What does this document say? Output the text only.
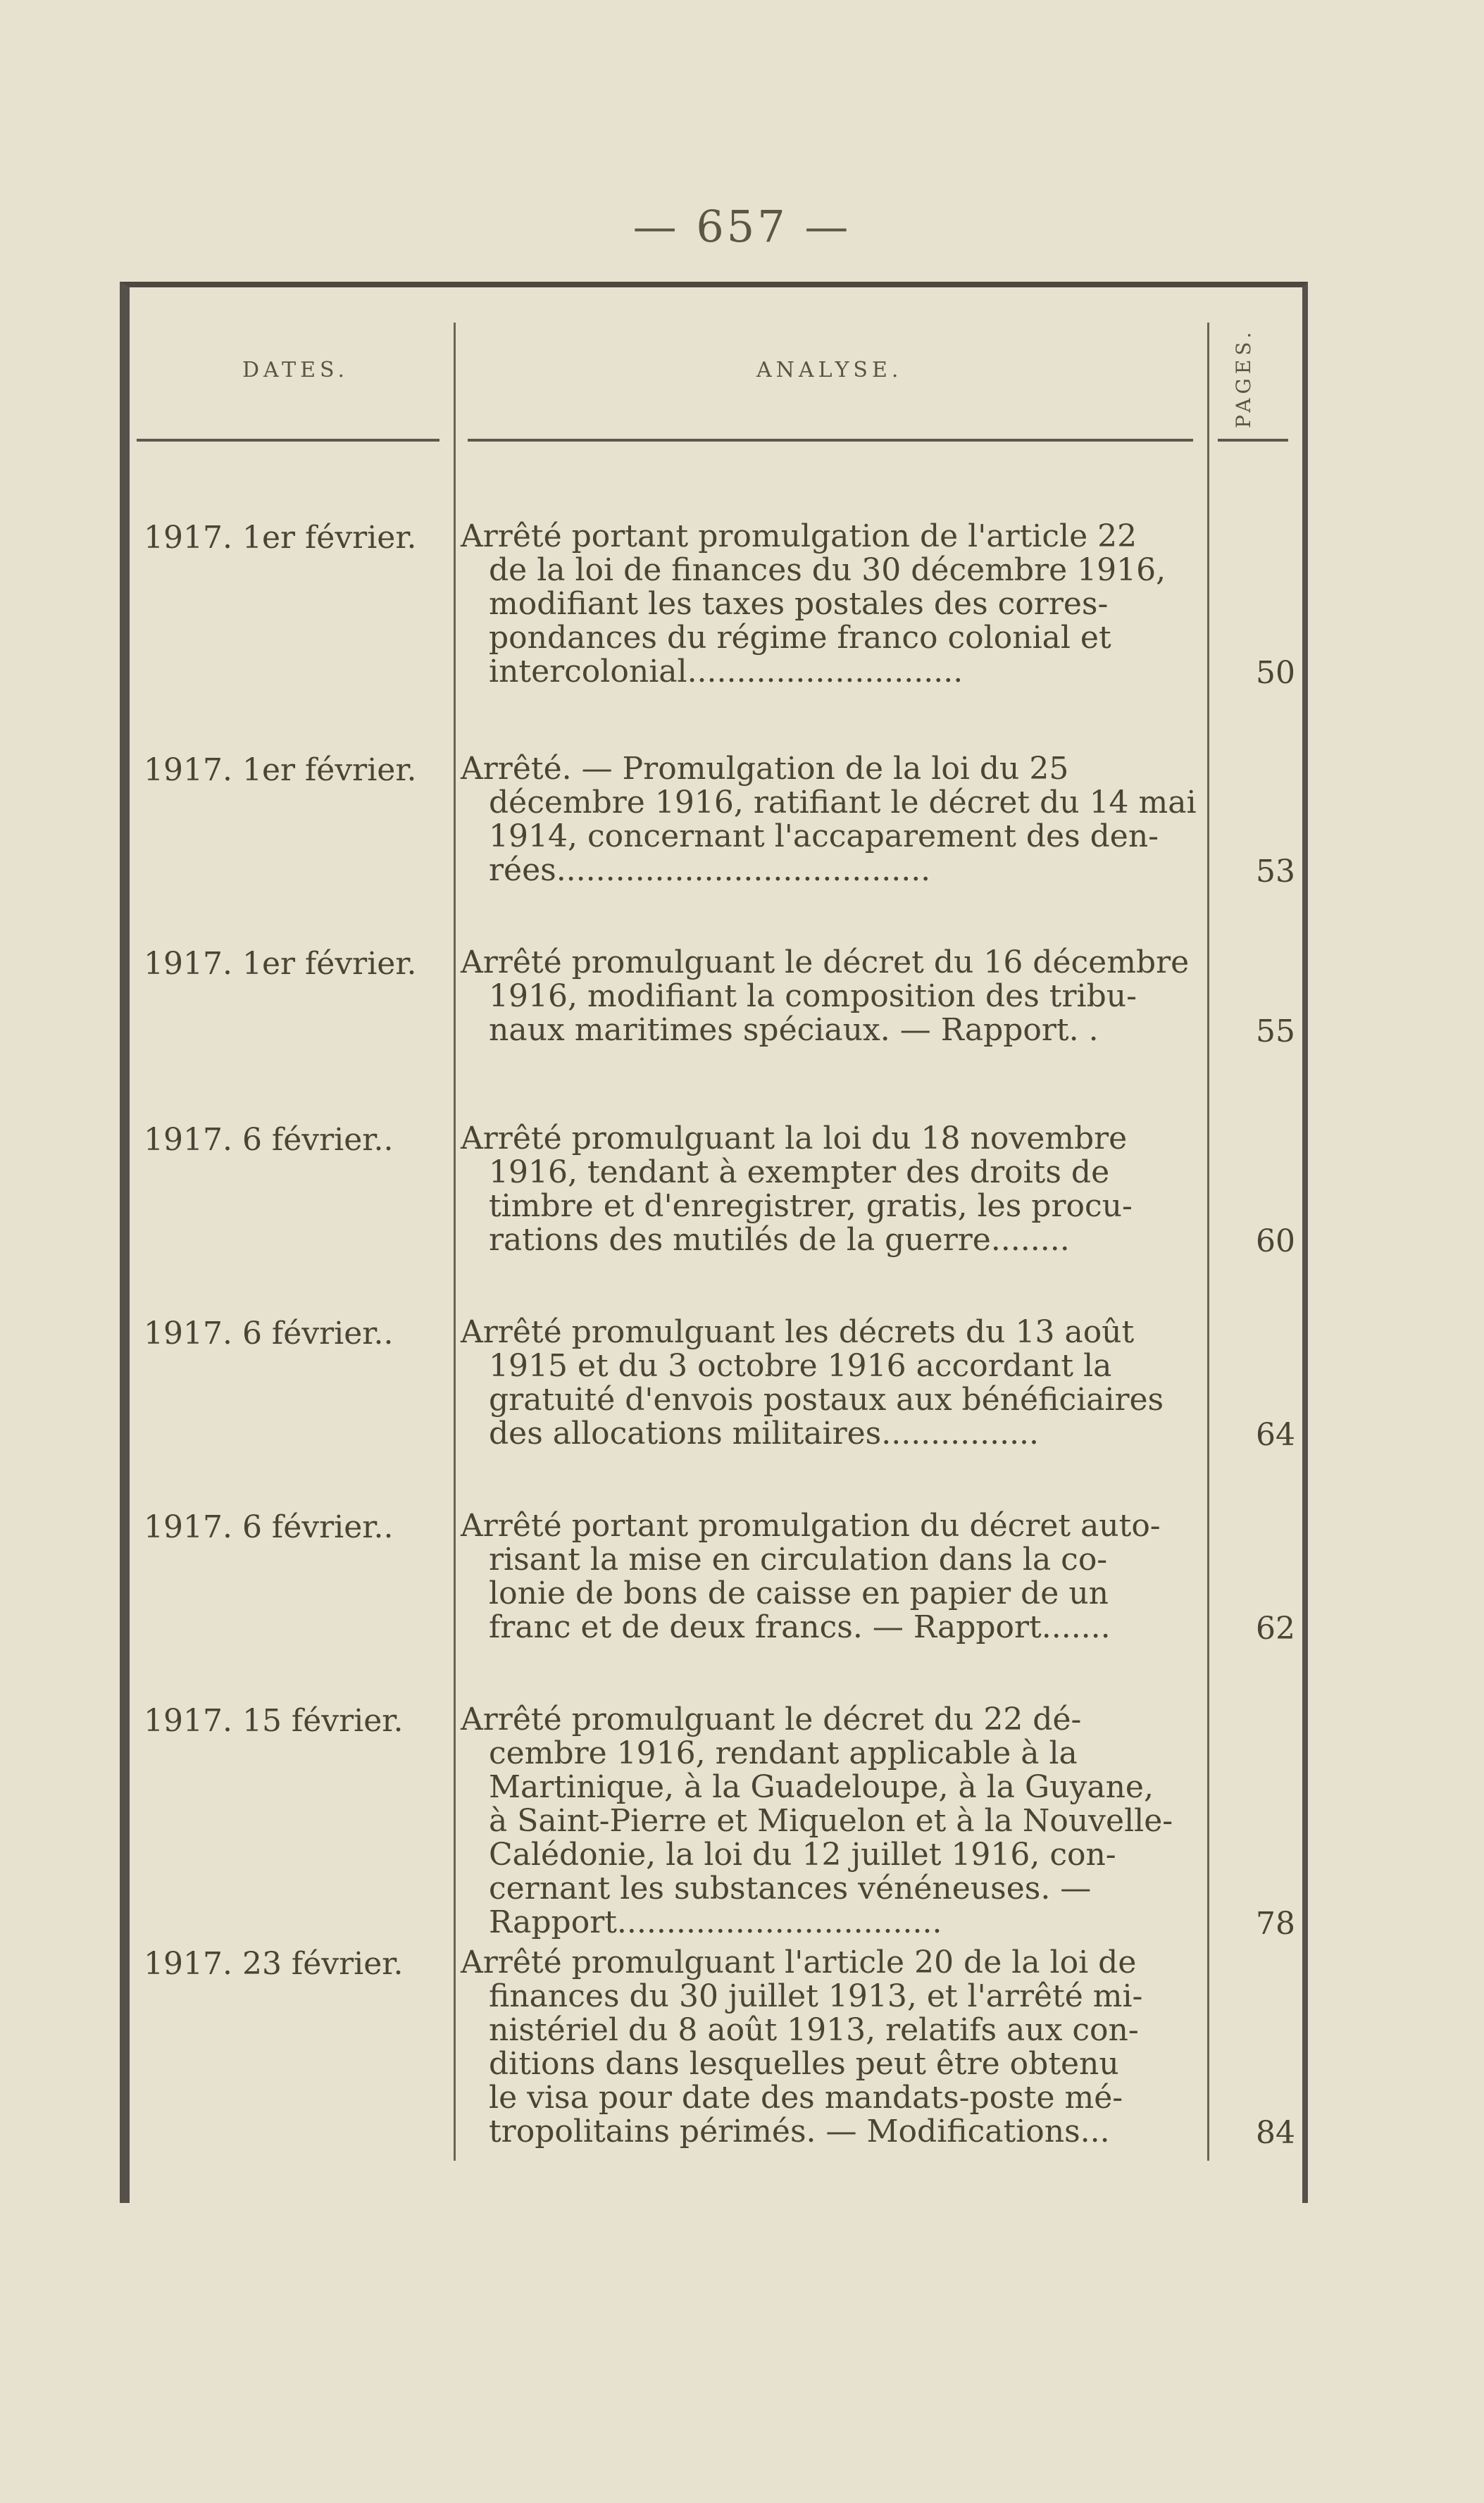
— 657 —
DATES.	ANALYSE.	PAGES.
1917. 1er février.	Arrêté portant promulgation de l'article 22
de la loi de finances du 30 décembre 1916,
modifiant les taxes postales des corres-
pondances du régime franco colonial et
intercolonial............................	50
1917. 1er février.	Arrêté. — Promulgation de la loi du 25
décembre 1916, ratifiant le décret du 14 mai
1914, concernant l'accaparement des den-
rées......................................	53
1917. 1er février.	Arrêté promulguant le décret du 16 décembre
1916, modifiant la composition des tribu-
naux maritimes spéciaux. — Rapport. .	55
1917. 6 février..	Arrêté promulguant la loi du 18 novembre
1916, tendant à exempter des droits de
timbre et d'enregistrer, gratis, les procu-
rations des mutilés de la guerre........	60
1917. 6 février..	Arrêté promulguant les décrets du 13 août
1915 et du 3 octobre 1916 accordant la
gratuité d'envois postaux aux bénéficiaires
des allocations militaires................	64
1917. 6 février..	Arrêté portant promulgation du décret auto-
risant la mise en circulation dans la co-
lonie de bons de caisse en papier de un
franc et de deux francs. — Rapport.......	62
1917. 15 février.	Arrêté promulguant le décret du 22 dé-
cembre 1916, rendant applicable à la
Martinique, à la Guadeloupe, à la Guyane,
à Saint-Pierre et Miquelon et à la Nouvelle-
Calédonie, la loi du 12 juillet 1916, con-
cernant les substances vénéneuses. —
Rapport.................................	78
1917. 23 février.	Arrêté promulguant l'article 20 de la loi de
finances du 30 juillet 1913, et l'arrêté mi-
nistériel du 8 août 1913, relatifs aux con-
ditions dans lesquelles peut être obtenu
le visa pour date des mandats-poste mé-
tropolitains périmés. — Modifications...	84
